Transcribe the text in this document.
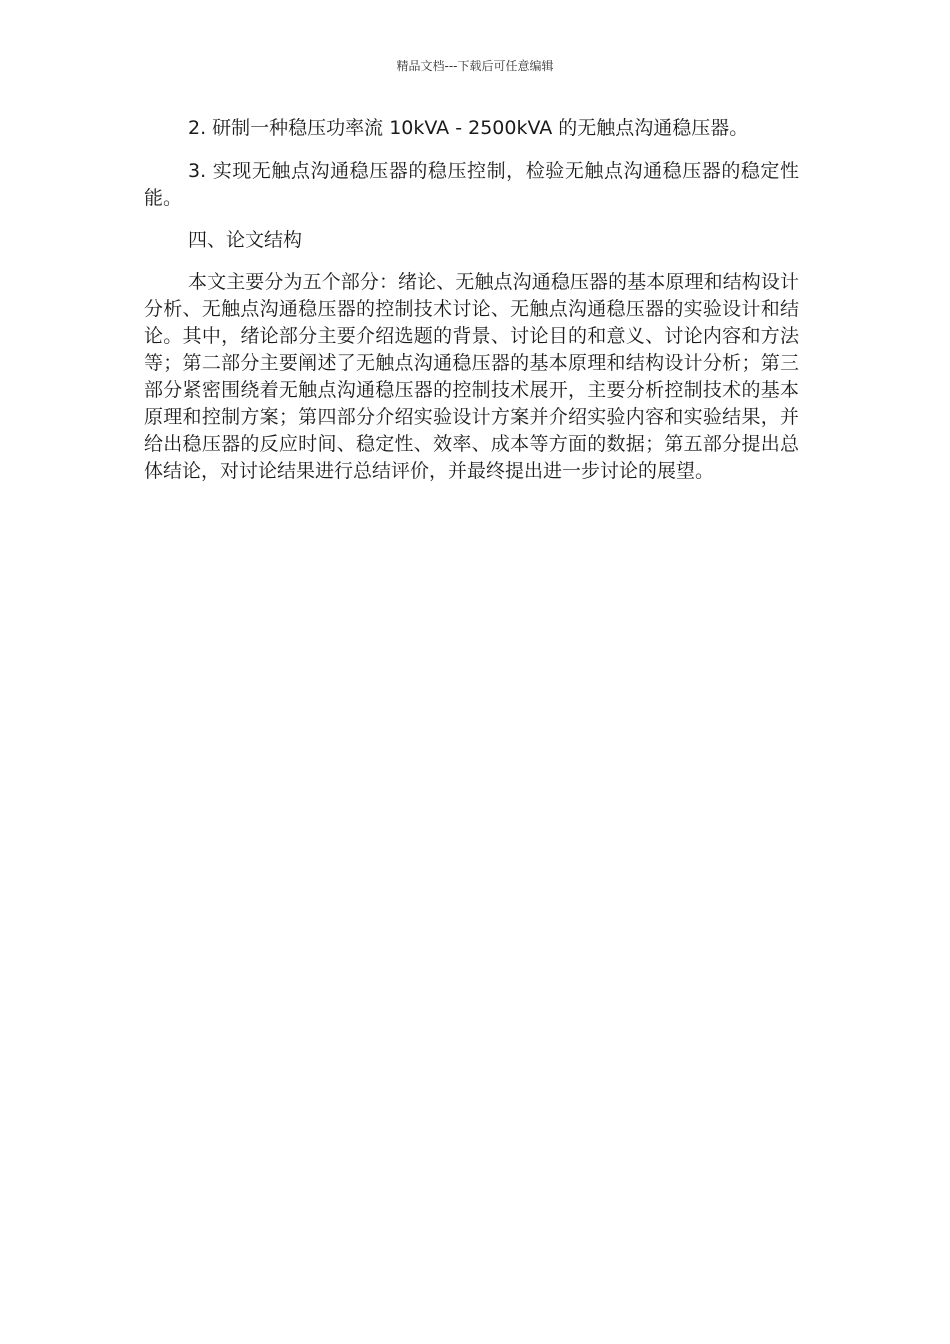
精品文档---下载后可任意编辑

2. 研制一种稳压功率流 10kVA - 2500kVA 的无触点沟通稳压器。

3. 实现无触点沟通稳压器的稳压控制，检验无触点沟通稳压器的稳定性能。

四、论文结构

本文主要分为五个部分：绪论、无触点沟通稳压器的基本原理和结构设计分析、无触点沟通稳压器的控制技术讨论、无触点沟通稳压器的实验设计和结论。其中，绪论部分主要介绍选题的背景、讨论目的和意义、讨论内容和方法等；第二部分主要阐述了无触点沟通稳压器的基本原理和结构设计分析；第三部分紧密围绕着无触点沟通稳压器的控制技术展开，主要分析控制技术的基本原理和控制方案；第四部分介绍实验设计方案并介绍实验内容和实验结果，并给出稳压器的反应时间、稳定性、效率、成本等方面的数据；第五部分提出总体结论，对讨论结果进行总结评价，并最终提出进一步讨论的展望。
